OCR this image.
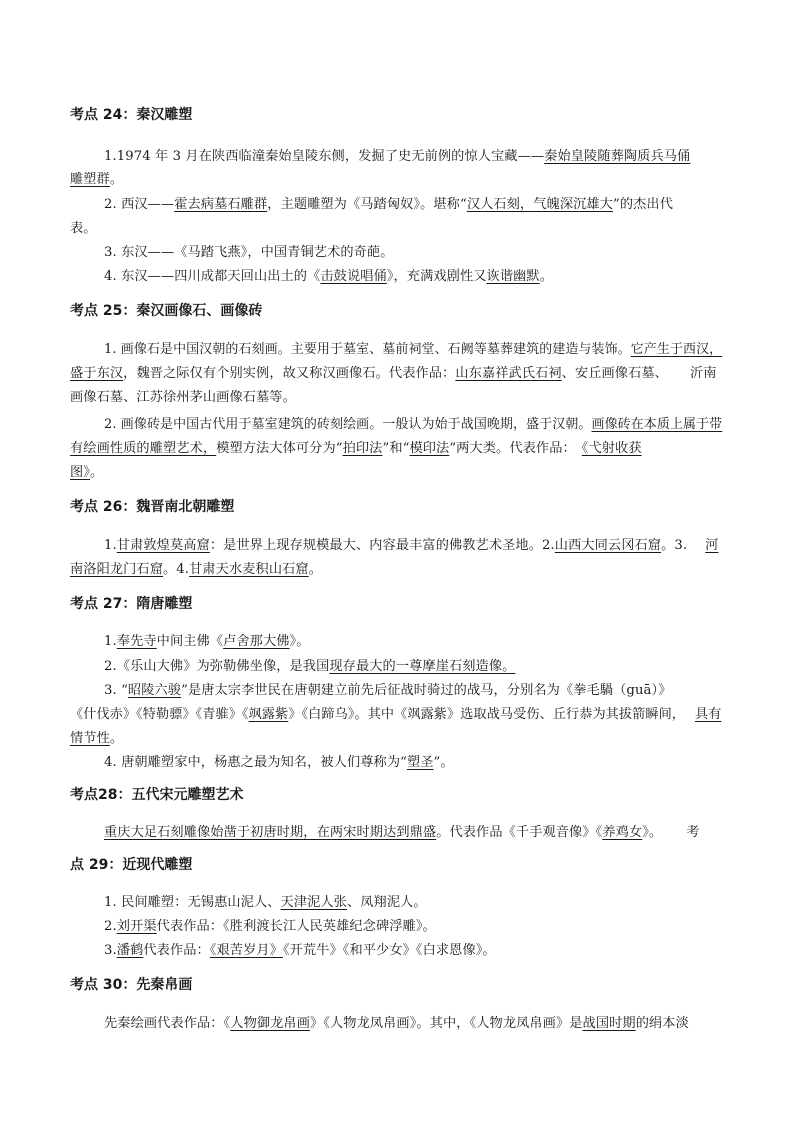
考点 24：秦汉雕塑
1.1974 年 3 月在陕西临潼秦始皇陵东侧，发掘了史无前例的惊人宝藏——秦始皇陵随葬陶质兵马俑
雕塑群。
2. 西汉——霍去病墓石雕群，主题雕塑为《马踏匈奴》。堪称“汉人石刻，气魄深沉雄大”的杰出代
表。
3. 东汉——《马踏飞燕》，中国青铜艺术的奇葩。
4. 东汉——四川成都天回山出土的《击鼓说唱俑》，充满戏剧性又诙谐幽默。
考点 25：秦汉画像石、画像砖
1. 画像石是中国汉朝的石刻画。主要用于墓室、墓前祠堂、石阙等墓葬建筑的建造与装饰。它产生于西汉，
盛于东汉，魏晋之际仅有个别实例，故又称汉画像石。代表作品：山东嘉祥武氏石祠、安丘画像石墓、 沂南
画像石墓、江苏徐州茅山画像石墓等。
2. 画像砖是中国古代用于墓室建筑的砖刻绘画。一般认为始于战国晚期，盛于汉朝。画像砖在本质上属于带
有绘画性质的雕塑艺术，模塑方法大体可分为“拍印法”和“模印法”两大类。代表作品： 《弋射收获
图》。
考点 26：魏晋南北朝雕塑
1.甘肃敦煌莫高窟：是世界上现存规模最大、内容最丰富的佛教艺术圣地。2.山西大同云冈石窟。3. 河
南洛阳龙门石窟。4.甘肃天水麦积山石窟。
考点 27：隋唐雕塑
1.奉先寺中间主佛《卢舍那大佛》。
2.《乐山大佛》为弥勒佛坐像，是我国现存最大的一尊摩崖石刻造像。
3. “昭陵六骏”是唐太宗李世民在唐朝建立前先后征战时骑过的战马，分别名为《拳毛騧（guā）》
《什伐赤》《特勒骠》《青骓》《飒露紫》《白蹄乌》。其中《飒露紫》选取战马受伤、丘行恭为其拔箭瞬间， 具有
情节性。
4. 唐朝雕塑家中，杨惠之最为知名，被人们尊称为“塑圣”。
考点28：五代宋元雕塑艺术
重庆大足石刻雕像始凿于初唐时期，在两宋时期达到鼎盛。代表作品《千手观音像》《养鸡女》。 考
点 29：近现代雕塑
1. 民间雕塑：无锡惠山泥人、天津泥人张、凤翔泥人。
2.刘开渠代表作品：《胜利渡长江人民英雄纪念碑浮雕》。
3.潘鹤代表作品：《艰苦岁月》《开荒牛》《和平少女》《白求恩像》。
考点 30：先秦帛画
先秦绘画代表作品：《人物御龙帛画》《人物龙凤帛画》。其中，《人物龙凤帛画》是战国时期的绢本淡
